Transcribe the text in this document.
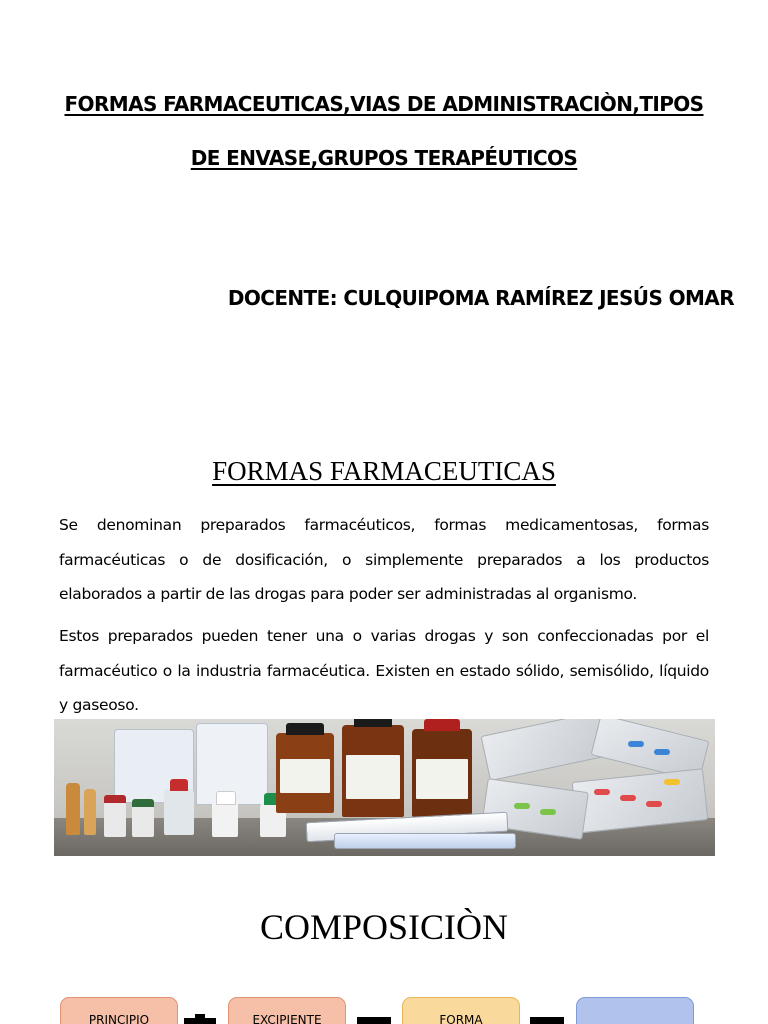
FORMAS FARMACEUTICAS,VIAS DE ADMINISTRACIÒN,TIPOS
DE ENVASE,GRUPOS TERAPÉUTICOS
DOCENTE: CULQUIPOMA RAMÍREZ JESÚS OMAR
FORMAS FARMACEUTICAS

Se denominan preparados farmacéuticos, formas medicamentosas, formas farmacéuticas o de dosificación, o simplemente preparados a los productos elaborados a partir de las drogas para poder ser administradas al organismo.

Estos preparados pueden tener una o varias drogas y son confeccionadas por el farmacéutico o la industria farmacéutica. Existen en estado sólido, semisólido, líquido y gaseoso.

COMPOSICIÒN
PRINCIPIO	EXCIPIENTE	FORMA
